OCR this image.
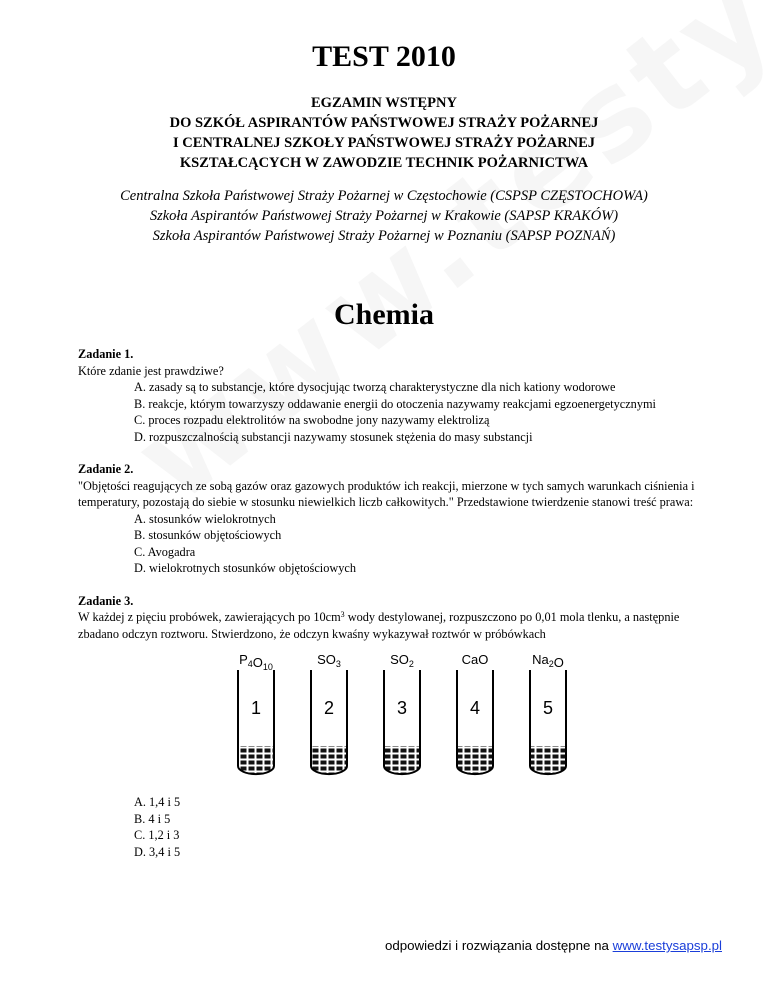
TEST 2010
EGZAMIN WSTĘPNY
DO SZKÓŁ ASPIRANTÓW PAŃSTWOWEJ STRAŻY POŻARNEJ
I CENTRALNEJ SZKOŁY PAŃSTWOWEJ STRAŻY POŻARNEJ
KSZTAŁCĄCYCH W ZAWODZIE TECHNIK POŻARNICTWA
Centralna Szkoła Państwowej Straży Pożarnej w Częstochowie (CSPSP CZĘSTOCHOWA)
Szkoła Aspirantów Państwowej Straży Pożarnej w Krakowie (SAPSP KRAKÓW)
Szkoła Aspirantów Państwowej Straży Pożarnej w Poznaniu (SAPSP POZNAŃ)
Chemia
Zadanie 1.
Które zdanie jest prawdziwe?
A. zasady są to substancje, które dysocjując tworzą charakterystyczne dla nich kationy wodorowe
B. reakcje, którym towarzyszy oddawanie energii do otoczenia nazywamy reakcjami egzoenergetycznymi
C. proces rozpadu elektrolitów na swobodne jony nazywamy elektrolizą
D. rozpuszczalnością substancji nazywamy stosunek stężenia do masy substancji
Zadanie 2.
"Objętości reagujących ze sobą gazów oraz gazowych produktów ich reakcji, mierzone w tych samych warunkach ciśnienia i temperatury, pozostają do siebie w stosunku niewielkich liczb całkowitych." Przedstawione twierdzenie stanowi treść prawa:
A. stosunków wielokrotnych
B. stosunków objętościowych
C. Avogadra
D. wielokrotnych stosunków objętościowych
Zadanie 3.
W każdej z pięciu probówek, zawierających po $10cm^3$ wody destylowanej, rozpuszczono po 0,01 mola tlenku, a następnie zbadano odczyn roztworu. Stwierdzono, że odczyn kwaśny wykazywał roztwór w próbówkach
$P_4O_{10}$
1
$SO_3$
2
$SO_2$
3
CaO
4
$Na_2O$
5
A. 1,4 i 5
B. 4 i 5
C. 1,2 i 3
D. 3,4 i 5
odpowiedzi i rozwiązania dostępne na www.testysapsp.pl
